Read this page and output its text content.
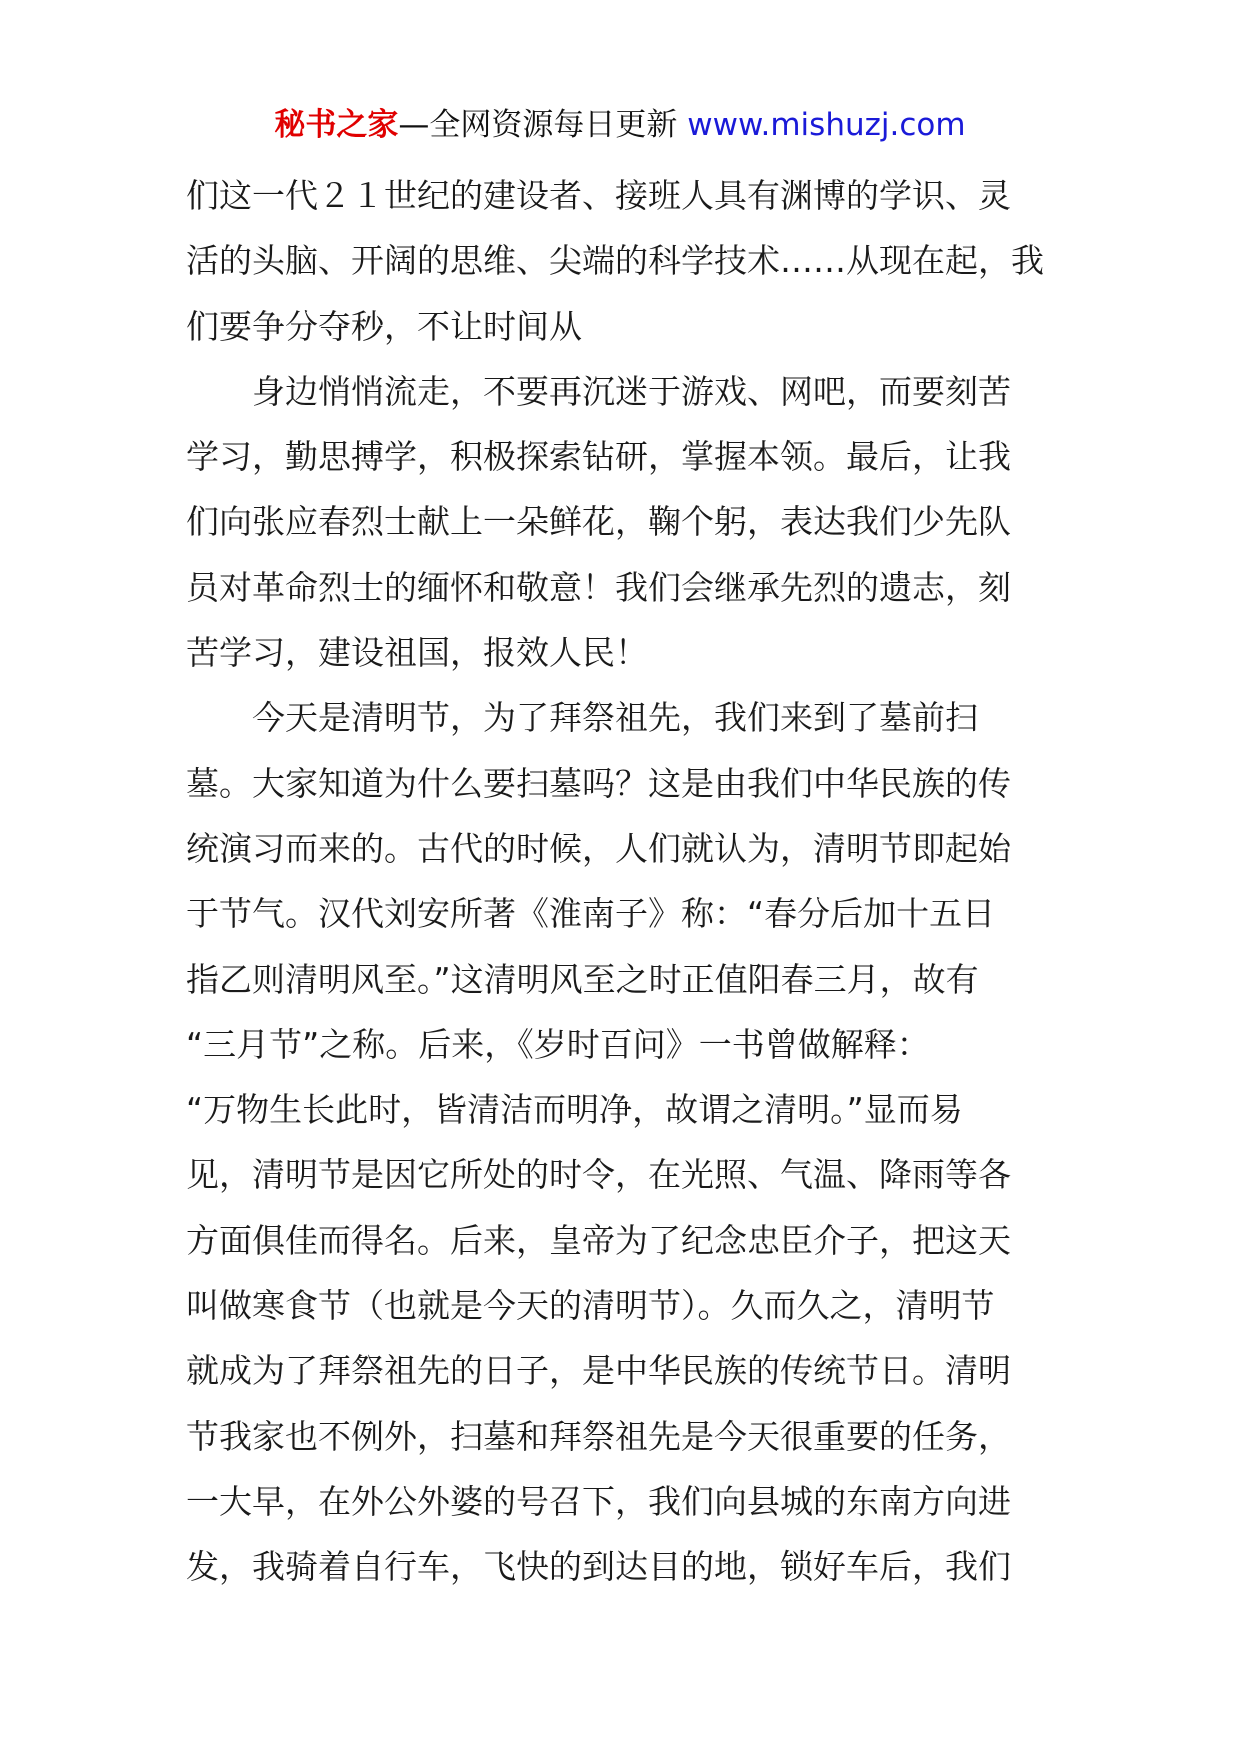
秘书之家—全网资源每日更新 www.mishuzj.com
们这一代２１世纪的建设者、接班人具有渊博的学识、灵
活的头脑、开阔的思维、尖端的科学技术……从现在起，我
们要争分夺秒，不让时间从
　　身边悄悄流走，不要再沉迷于游戏、网吧，而要刻苦
学习，勤思搏学，积极探索钻研，掌握本领。最后，让我
们向张应春烈士献上一朵鲜花，鞠个躬，表达我们少先队
员对革命烈士的缅怀和敬意！我们会继承先烈的遗志，刻
苦学习，建设祖国，报效人民！
　　今天是清明节，为了拜祭祖先，我们来到了墓前扫
墓。大家知道为什么要扫墓吗？这是由我们中华民族的传
统演习而来的。古代的时候，人们就认为，清明节即起始
于节气。汉代刘安所著《淮南子》称：“春分后加十五日
指乙则清明风至。”这清明风至之时正值阳春三月，故有
“三月节”之称。后来，《岁时百问》一书曾做解释：
“万物生长此时，皆清洁而明净，故谓之清明。”显而易
见，清明节是因它所处的时令，在光照、气温、降雨等各
方面俱佳而得名。后来，皇帝为了纪念忠臣介子，把这天
叫做寒食节（也就是今天的清明节）。久而久之，清明节
就成为了拜祭祖先的日子，是中华民族的传统节日。清明
节我家也不例外，扫墓和拜祭祖先是今天很重要的任务，
一大早，在外公外婆的号召下，我们向县城的东南方向进
发，我骑着自行车，飞快的到达目的地，锁好车后，我们
